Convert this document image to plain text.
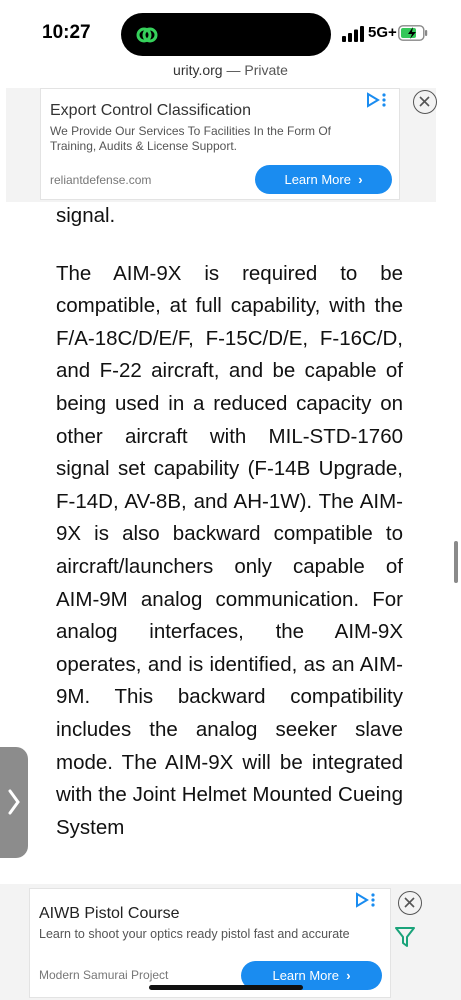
10:27	5G+
urity.org — Private
Export Control Classification
We Provide Our Services To Facilities In the Form Of Training, Audits & License Support.
reliantdefense.com	Learn More ›

signal.

The AIM-9X is required to be compatible, at full capability, with the F/A-18C/D/E/F, F-15C/D/E, F-16C/D, and F-22 aircraft, and be capable of being used in a reduced capacity on other aircraft with MIL-STD-1760 signal set capability (F-14B Upgrade, F-14D, AV-8B, and AH-1W). The AIM-9X is also backward compatible to aircraft/launchers only capable of AIM-9M analog communication. For analog interfaces, the AIM-9X operates, and is identified, as an AIM-9M. This backward compatibility includes the analog seeker slave mode. The AIM-9X will be integrated with the Joint Helmet Mounted Cueing System

AIWB Pistol Course
Learn to shoot your optics ready pistol fast and accurate
Modern Samurai Project	Learn More ›
